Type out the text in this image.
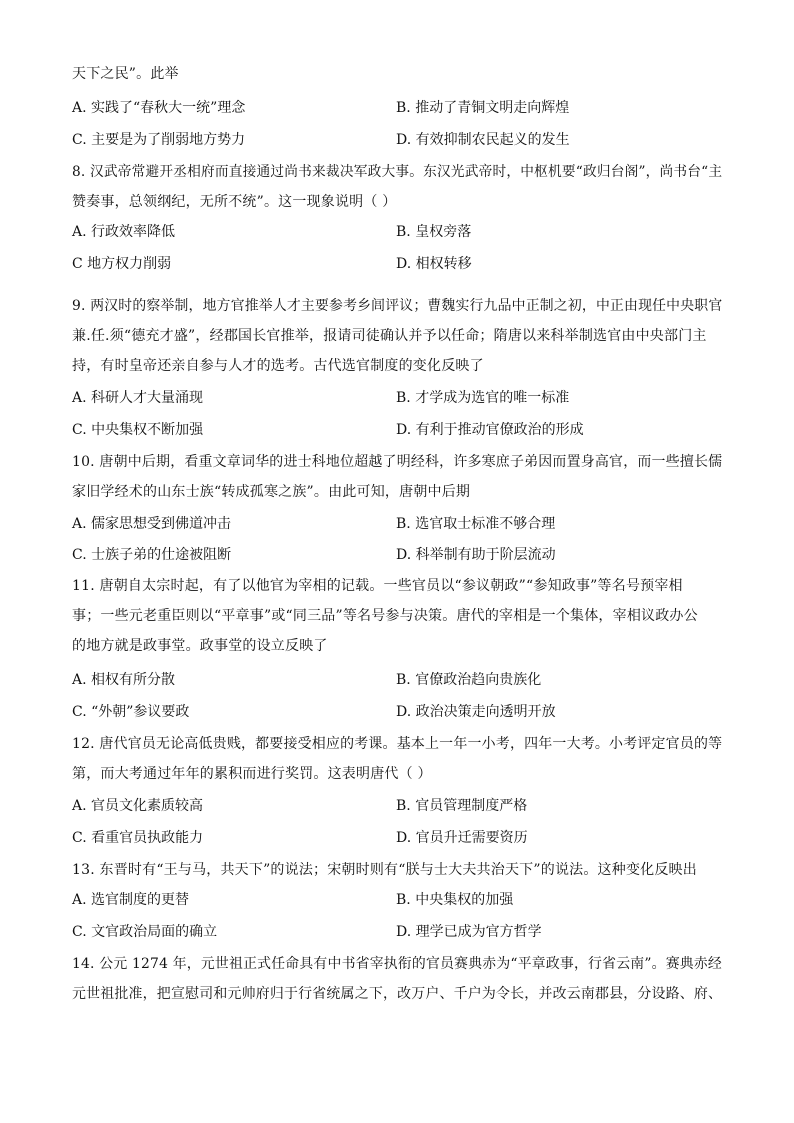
天下之民”。此举
A. 实践了“春秋大一统”理念	B. 推动了青铜文明走向辉煌
C. 主要是为了削弱地方势力	D. 有效抑制农民起义的发生
8. 汉武帝常避开丞相府而直接通过尚书来裁决军政大事。东汉光武帝时，中枢机要“政归台阁”，尚书台“主
赞奏事，总领纲纪，无所不统”。这一现象说明（ ）
A. 行政效率降低	B. 皇权旁落
C 地方权力削弱	D. 相权转移
9. 两汉时的察举制，地方官推举人才主要参考乡闾评议；曹魏实行九品中正制之初，中正由现任中央职官
兼.任.须“德充才盛”，经郡国长官推举，报请司徒确认并予以任命；隋唐以来科举制选官由中央部门主
持，有时皇帝还亲自参与人才的选考。古代选官制度的变化反映了
A. 科研人才大量涌现	B. 才学成为选官的唯一标准
C. 中央集权不断加强	D. 有利于推动官僚政治的形成
10. 唐朝中后期，看重文章词华的进士科地位超越了明经科，许多寒庶子弟因而置身高官，而一些擅长儒
家旧学经术的山东士族“转成孤寒之族”。由此可知，唐朝中后期
A. 儒家思想受到佛道冲击	B. 选官取士标准不够合理
C. 士族子弟的仕途被阻断	D. 科举制有助于阶层流动
11. 唐朝自太宗时起，有了以他官为宰相的记载。一些官员以“参议朝政”“参知政事”等名号预宰相
事；一些元老重臣则以“平章事”或“同三品”等名号参与决策。唐代的宰相是一个集体，宰相议政办公
的地方就是政事堂。政事堂的设立反映了
A. 相权有所分散	B. 官僚政治趋向贵族化
C. “外朝”参议要政	D. 政治决策走向透明开放
12. 唐代官员无论高低贵贱，都要接受相应的考课。基本上一年一小考，四年一大考。小考评定官员的等
第，而大考通过年年的累积而进行奖罚。这表明唐代（ ）
A. 官员文化素质较高	B. 官员管理制度严格
C. 看重官员执政能力	D. 官员升迁需要资历
13. 东晋时有“王与马，共天下”的说法；宋朝时则有“朕与士大夫共治天下”的说法。这种变化反映出
A. 选官制度的更替	B. 中央集权的加强
C. 文官政治局面的确立	D. 理学已成为官方哲学
14. 公元 1274 年，元世祖正式任命具有中书省宰执衔的官员赛典赤为“平章政事，行省云南”。赛典赤经
元世祖批准，把宣慰司和元帅府归于行省统属之下，改万户、千户为令长，并改云南郡县，分设路、府、
